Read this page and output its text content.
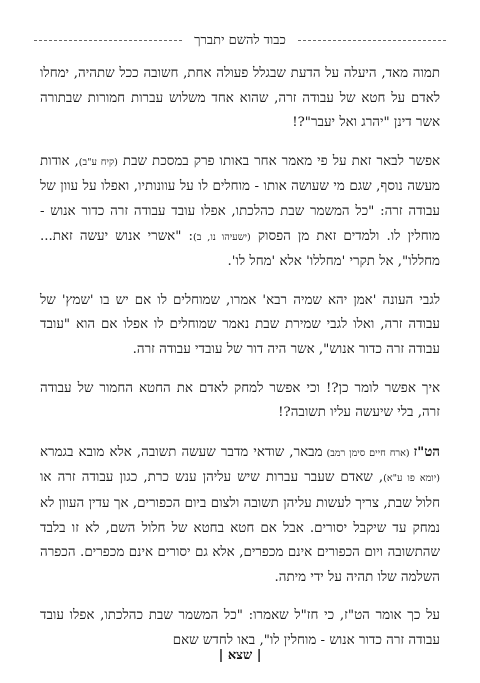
כבוד להשם יתברך

תמוה מאד, היעלה על הדעת שבגלל פעולה אחת, חשובה ככל שתהיה, ימחלו לאדם על חטא של עבודה זרה, שהוא אחד משלוש עברות חמורות שבתורה אשר דינן "יהרג ואל יעבר"?!

אפשר לבאר זאת על פי מאמר אחר באותו פרק במסכת שבת (קיח ע"ב), אודות מעשה נוסף, שגם מי שעושה אותו - מוחלים לו על עוונותיו, ואפלו על עוון של עבודה זרה: "כל המשמר שבת כהלכתו, אפלו עובד עבודה זרה כדור אנוש - מוחלין לו. ולמדים זאת מן הפסוק (ישעיהו נו, ב): "אשרי אנוש יעשה זאת... מחללו", אל תקרי 'מחללו' אלא 'מחל לו'.

לגבי העונה 'אמן יהא שמיה רבא' אמרו, שמוחלים לו אם יש בו 'שמץ' של עבודה זרה, ואלו לגבי שמירת שבת נאמר שמוחלים לו אפלו אם הוא "עובד עבודה זרה כדור אנוש", אשר היה דור של עובדי עבודה זרה.

איך אפשר לומר כן?! וכי אפשר למחק לאדם את החטא החמור של עבודה זרה, בלי שיעשה עליו תשובה?!

הט"ז (ארח חיים סימן רמב) מבאר, שודאי מדבר שעשה תשובה, אלא מובא בגמרא (יומא פו ע"א), שאדם שעבר עברות שיש עליהן ענש כרת, כגון עבודה זרה או חלול שבת, צריך לעשות עליהן תשובה ולצום ביום הכפורים, אך עדין העוון לא נמחק עד שיקבל יסורים. אבל אם חטא בחטא של חלול השם, לא זו בלבד שהתשובה ויום הכפורים אינם מכפרים, אלא גם יסורים אינם מכפרים. הכפרה השלמה שלו תהיה על ידי מיתה.

על כך אומר הט"ז, כי חז"ל שאמרו: "כל המשמר שבת כהלכתו, אפלו עובד עבודה זרה כדור אנוש - מוחלין לו", באו לחדש שאם

| שצא |
